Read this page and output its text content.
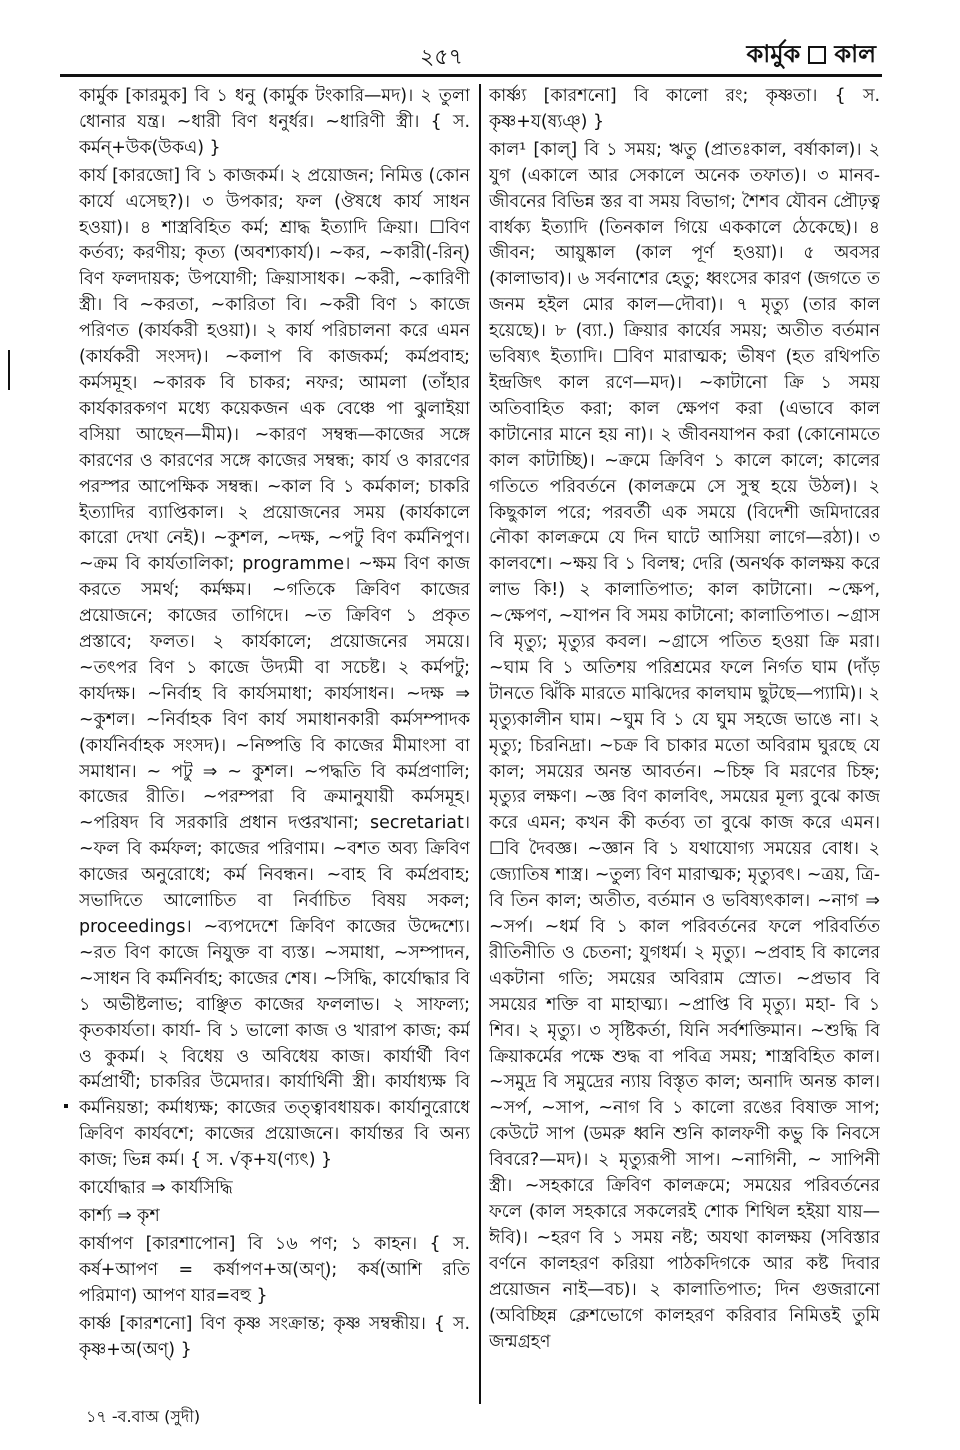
২৫৭	কার্মুক কাল

কার্মুক [কারমুক] বি ১ ধনু (কার্মুক টংকারি—মদ)। ২ তুলা ধোনার যন্ত্র। ~ধারী বিণ ধনুর্ধর। ~ধারিণী স্ত্রী। { স. কর্মন্+উক(উকএ) }

কার্য [কারজো] বি ১ কাজকর্ম। ২ প্রয়োজন; নিমিত্ত (কোন কার্যে এসেছ?)। ৩ উপকার; ফল (ঔষধে কার্য সাধন হওয়া)। ৪ শাস্ত্রবিহিত কর্ম; শ্রাদ্ধ ইত্যাদি ক্রিয়া। ☐বিণ কর্তব্য; করণীয়; কৃত্য (অবশ্যকার্য)। ~কর, ~কারী(-রিন্) বিণ ফলদায়ক; উপযোগী; ক্রিয়াসাধক। ~করী, ~কারিণী স্ত্রী। বি ~করতা, ~কারিতা বি। ~করী বিণ ১ কাজে পরিণত (কার্যকরী হওয়া)। ২ কার্য পরিচালনা করে এমন (কার্যকরী সংসদ)। ~কলাপ বি কাজকর্ম; কর্মপ্রবাহ; কর্মসমূহ। ~কারক বি চাকর; নফর; আমলা (তাঁহার কার্যকারকগণ মধ্যে কয়েকজন এক বেঞ্চে পা ঝুলাইয়া বসিয়া আছেন—মীম)। ~কারণ সম্বন্ধ—কাজের সঙ্গে কারণের ও কারণের সঙ্গে কাজের সম্বন্ধ; কার্য ও কারণের পরস্পর আপেক্ষিক সম্বন্ধ। ~কাল বি ১ কর্মকাল; চাকরি ইত্যাদির ব্যাপ্তিকাল। ২ প্রয়োজনের সময় (কার্যকালে কারো দেখা নেই)। ~কুশল, ~দক্ষ, ~পটু বিণ কর্মনিপুণ। ~ক্রম বি কার্যতালিকা; programme। ~ক্ষম বিণ কাজ করতে সমর্থ; কর্মক্ষম। ~গতিকে ক্রিবিণ কাজের প্রয়োজনে; কাজের তাগিদে। ~ত ক্রিবিণ ১ প্রকৃত প্রস্তাবে; ফলত। ২ কার্যকালে; প্রয়োজনের সময়ে। ~তৎপর বিণ ১ কাজে উদ্যমী বা সচেষ্ট। ২ কর্মপটু; কার্যদক্ষ। ~নির্বাহ বি কার্যসমাধা; কার্যসাধন। ~দক্ষ ⇒ ~কুশল। ~নির্বাহক বিণ কার্য সমাধানকারী কর্মসম্পাদক (কার্যনির্বাহক সংসদ)। ~নিষ্পত্তি বি কাজের মীমাংসা বা সমাধান। ~ পটু ⇒ ~ কুশল। ~পদ্ধতি বি কর্মপ্রণালি; কাজের রীতি। ~পরম্পরা বি ক্রমানুযায়ী কর্মসমূহ। ~পরিষদ বি সরকারি প্রধান দপ্তরখানা; secretariat। ~ফল বি কর্মফল; কাজের পরিণাম। ~বশত অব্য ক্রিবিণ কাজের অনুরোধে; কর্ম নিবন্ধন। ~বাহ বি কর্মপ্রবাহ; সভাদিতে আলোচিত বা নির্বাচিত বিষয় সকল; proceedings। ~ব্যপদেশে ক্রিবিণ কাজের উদ্দেশ্যে। ~রত বিণ কাজে নিযুক্ত বা ব্যস্ত। ~সমাধা, ~সম্পাদন, ~সাধন বি কর্মনির্বাহ; কাজের শেষ। ~সিদ্ধি, কার্যোদ্ধার বি ১ অভীষ্টলাভ; বাঞ্ছিত কাজের ফললাভ। ২ সাফল্য; কৃতকার্যতা। কার্যা- বি ১ ভালো কাজ ও খারাপ কাজ; কর্ম ও কুকর্ম। ২ বিধেয় ও অবিধেয় কাজ। কার্যার্থী বিণ কর্মপ্রার্থী; চাকরির উমেদার। কার্যার্থিনী স্ত্রী। কার্যাধ্যক্ষ বি কর্মনিয়ন্তা; কর্মাধ্যক্ষ; কাজের তত্ত্বাবধায়ক। কার্যানুরোধে ক্রিবিণ কার্যবশে; কাজের প্রয়োজনে। কার্যান্তর বি অন্য কাজ; ভিন্ন কর্ম। { স. √কৃ+য(ণ্যৎ) }

কার্যোদ্ধার ⇒ কার্যসিদ্ধি

কার্শ্য ⇒ কৃশ

কার্ষাপণ [কারশাপোন] বি ১৬ পণ; ১ কাহন। { স. কর্ষ+আপণ = কর্ষাপণ+অ(অণ্); কর্ষ(আশি রতি পরিমাণ) আপণ যার=বহু }

কার্ষ্ণ [কারশনো] বিণ কৃষ্ণ সংক্রান্ত; কৃষ্ণ সম্বন্ধীয়। { স. কৃষ্ণ+অ(অণ্) }

কার্ষ্ণ্য [কারশনো] বি কালো রং; কৃষ্ণতা। { স. কৃষ্ণ+য(ষ্যঞ্) }

কাল¹ [কাল্] বি ১ সময়; ঋতু (প্রাতঃকাল, বর্ষাকাল)। ২ যুগ (একালে আর সেকালে অনেক তফাত)। ৩ মানব-জীবনের বিভিন্ন স্তর বা সময় বিভাগ; শৈশব যৌবন প্রৌঢ়ত্ব বার্ধক্য ইত্যাদি (তিনকাল গিয়ে এককালে ঠেকেছে)। ৪ জীবন; আয়ুষ্কাল (কাল পূর্ণ হওয়া)। ৫ অবসর (কালাভাব)। ৬ সর্বনাশের হেতু; ধ্বংসের কারণ (জগতে ত জনম হইল মোর কাল—দৌবা)। ৭ মৃত্যু (তার কাল হয়েছে)। ৮ (ব্যা.) ক্রিয়ার কার্যের সময়; অতীত বর্তমান ভবিষ্যৎ ইত্যাদি। ☐বিণ মারাত্মক; ভীষণ (হত রথিপতি ইন্দ্রজিৎ কাল রণে—মদ)। ~কাটানো ক্রি ১ সময় অতিবাহিত করা; কাল ক্ষেপণ করা (এভাবে কাল কাটানোর মানে হয় না)। ২ জীবনযাপন করা (কোনোমতে কাল কাটাচ্ছি)। ~ক্রমে ক্রিবিণ ১ কালে কালে; কালের গতিতে পরিবর্তনে (কালক্রমে সে সুস্থ হয়ে উঠল)। ২ কিছুকাল পরে; পরবর্তী এক সময়ে (বিদেশী জমিদারের নৌকা কালক্রমে যে দিন ঘাটে আসিয়া লাগে—রঠা)। ৩ কালবশে। ~ক্ষয় বি ১ বিলম্ব; দেরি (অনর্থক কালক্ষয় করে লাভ কি!) ২ কালাতিপাত; কাল কাটানো। ~ক্ষেপ, ~ক্ষেপণ, ~যাপন বি সময় কাটানো; কালাতিপাত। ~গ্রাস বি মৃত্যু; মৃত্যুর কবল। ~গ্রাসে পতিত হওয়া ক্রি মরা। ~ঘাম বি ১ অতিশয় পরিশ্রমের ফলে নির্গত ঘাম (দাঁড় টানতে ঝিঁকি মারতে মাঝিদের কালঘাম ছুটছে—প্যামি)। ২ মৃত্যুকালীন ঘাম। ~ঘুম বি ১ যে ঘুম সহজে ভাঙে না। ২ মৃত্যু; চিরনিদ্রা। ~চক্র বি চাকার মতো অবিরাম ঘুরছে যে কাল; সময়ের অনন্ত আবর্তন। ~চিহ্ন বি মরণের চিহ্ন; মৃত্যুর লক্ষণ। ~জ্ঞ বিণ কালবিৎ, সময়ের মূল্য বুঝে কাজ করে এমন; কখন কী কর্তব্য তা বুঝে কাজ করে এমন। ☐বি দৈবজ্ঞ। ~জ্ঞান বি ১ যথাযোগ্য সময়ের বোধ। ২ জ্যোতিষ শাস্ত্র। ~তুল্য বিণ মারাত্মক; মৃত্যুবৎ। ~ত্রয়, ত্রি- বি তিন কাল; অতীত, বর্তমান ও ভবিষ্যৎকাল। ~নাগ ⇒ ~সর্প। ~ধর্ম বি ১ কাল পরিবর্তনের ফলে পরিবর্তিত রীতিনীতি ও চেতনা; যুগধর্ম। ২ মৃত্যু। ~প্রবাহ বি কালের একটানা গতি; সময়ের অবিরাম স্রোত। ~প্রভাব বি সময়ের শক্তি বা মাহাত্ম্য। ~প্রাপ্তি বি মৃত্যু। মহা- বি ১ শিব। ২ মৃত্যু। ৩ সৃষ্টিকর্তা, যিনি সর্বশক্তিমান। ~শুদ্ধি বি ক্রিয়াকর্মের পক্ষে শুদ্ধ বা পবিত্র সময়; শাস্ত্রবিহিত কাল। ~সমুদ্র বি সমুদ্রের ন্যায় বিস্তৃত কাল; অনাদি অনন্ত কাল। ~সর্প, ~সাপ, ~নাগ বি ১ কালো রঙের বিষাক্ত সাপ; কেউটে সাপ (ডমরু ধ্বনি শুনি কালফণী কভু কি নিবসে বিবরে?—মদ)। ২ মৃত্যুরূপী সাপ। ~নাগিনী, ~ সাপিনী স্ত্রী। ~সহকারে ক্রিবিণ কালক্রমে; সময়ের পরিবর্তনের ফলে (কাল সহকারে সকলেরই শোক শিথিল হইয়া যায়—ঈবি)। ~হরণ বি ১ সময় নষ্ট; অযথা কালক্ষয় (সবিস্তার বর্ণনে কালহরণ করিয়া পাঠকদিগকে আর কষ্ট দিবার প্রয়োজন নাই—বচ)। ২ কালাতিপাত; দিন গুজরানো (অবিচ্ছিন্ন ক্লেশভোগে কালহরণ করিবার নিমিত্তই তুমি জন্মগ্রহণ

১৭ -ব.বাঅ (সুদী)
